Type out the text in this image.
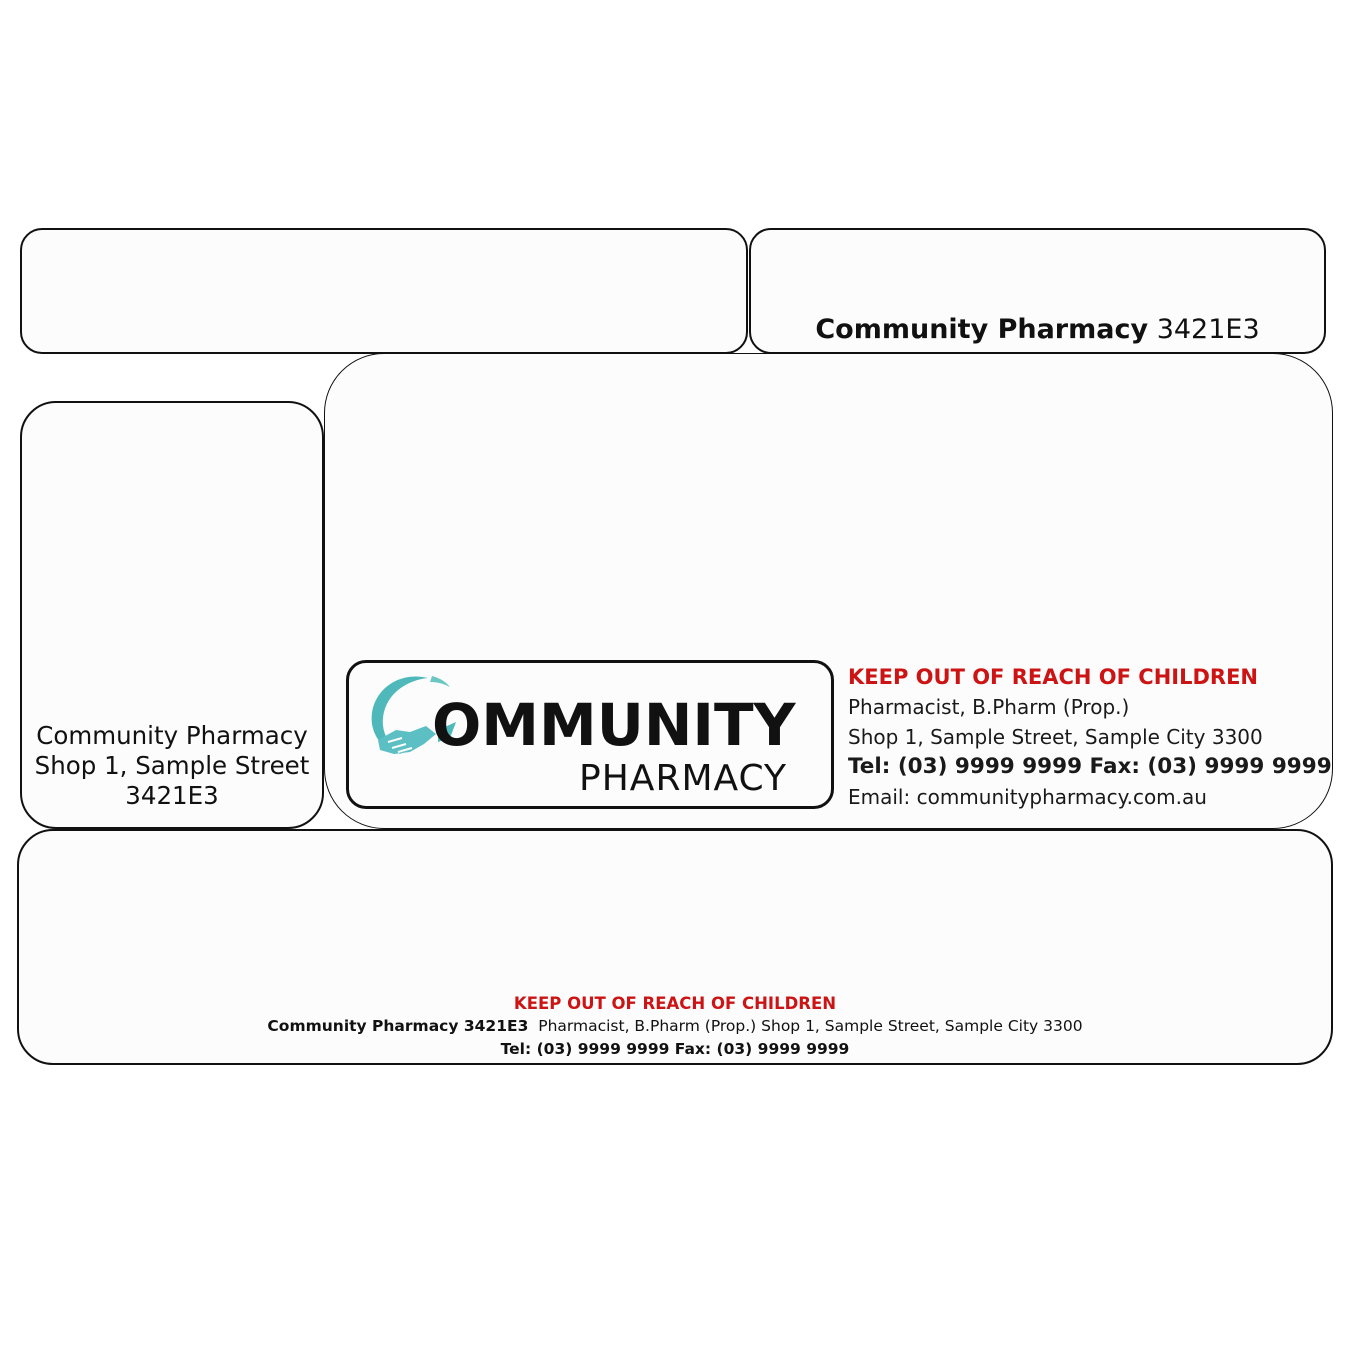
Community Pharmacy 3421E3
Community Pharmacy
Shop 1, Sample Street
3421E3
OMMUNITY
PHARMACY
KEEP OUT OF REACH OF CHILDREN
Pharmacist, B.Pharm (Prop.)
Shop 1, Sample Street, Sample City 3300
Tel: (03) 9999 9999 Fax: (03) 9999 9999
Email: communitypharmacy.com.au
KEEP OUT OF REACH OF CHILDREN
Community Pharmacy 3421E3 Pharmacist, B.Pharm (Prop.) Shop 1, Sample Street, Sample City 3300
Tel: (03) 9999 9999 Fax: (03) 9999 9999
